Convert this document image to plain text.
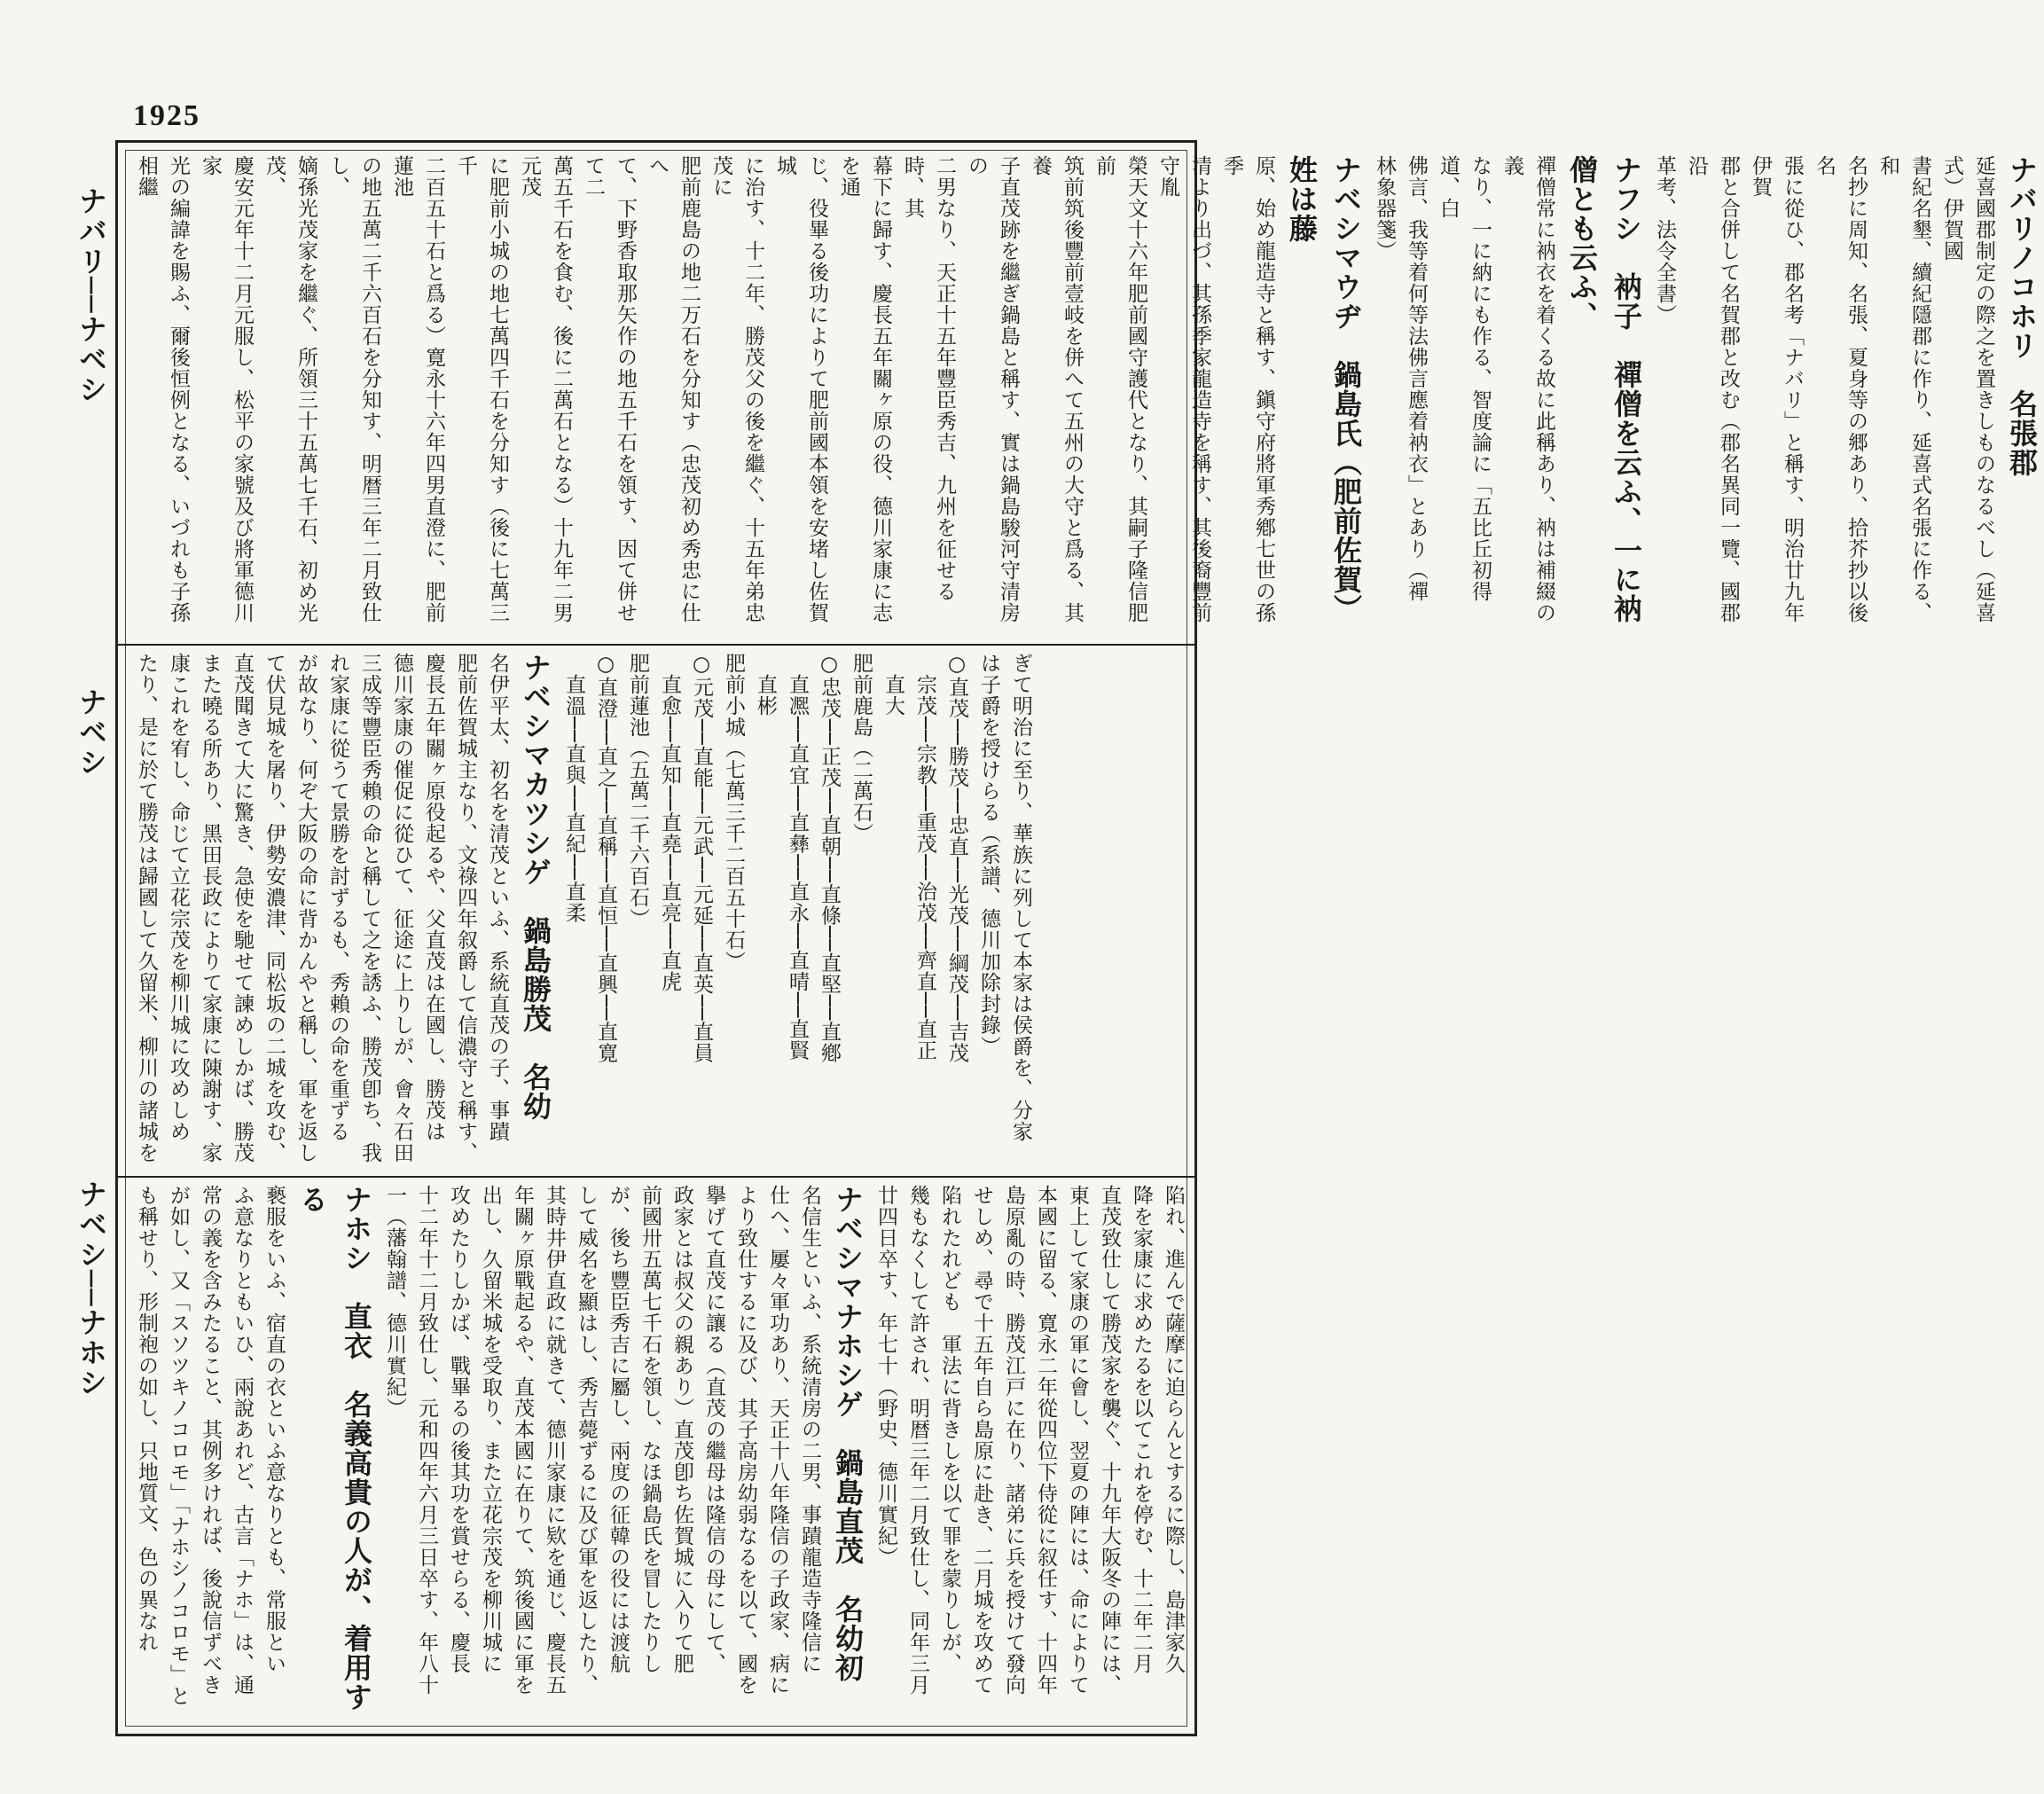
1925
ナバリ──ナベシ
ナベシ
ナベシ──ナホシ
ナバリノコホリ　名張郡
延喜國郡制定の際之を置きしものなるべし（延喜式）伊賀國
書紀名墾、續紀隱郡に作り、延喜式名張に作る、和
名抄に周知、名張、夏身等の郷あり、拾芥抄以後名
張に從ひ、郡名考「ナバリ」と稱す、明治廿九年伊賀
郡と合併して名賀郡と改む（郡名異同一覽、國郡沿
革考、法令全書）
ナフシ　衲子　禪僧を云ふ、一に衲僧とも云ふ、
禪僧常に衲衣を着くる故に此稱あり、衲は補綴の義
なり、一に納にも作る、智度論に「五比丘初得道、白
佛言、我等着何等法佛言應着衲衣」とあり（禪
林象器箋）
ナベシマウヂ　鍋島氏（肥前佐賀）　姓は藤
原、始め龍造寺と稱す、鎭守府將軍秀鄕七世の孫季
清より出づ、其孫季家龍造寺を稱す、其後裔豐前守胤
榮天文十六年肥前國守護代となり、其嗣子隆信肥前
筑前筑後豐前壹岐を併へて五州の大守と爲る、其養
子直茂跡を繼ぎ鍋島と稱す、實は鍋島駿河守清房の
二男なり、天正十五年豐臣秀吉、九州を征せる時、其
幕下に歸す、慶長五年關ヶ原の役、德川家康に志を通
じ、役畢る後功によりて肥前國本領を安堵し佐賀城
に治す、十二年、勝茂父の後を繼ぐ、十五年弟忠茂に
肥前鹿島の地二万石を分知す（忠茂初め秀忠に仕へ
て、下野香取那矢作の地五千石を領す、因て併せて二
萬五千石を食む、後に二萬石となる）十九年二男元茂
に肥前小城の地七萬四千石を分知す（後に七萬三千
二百五十石と爲る）寛永十六年四男直澄に、肥前蓮池
の地五萬二千六百石を分知す、明暦三年二月致仕し、
嫡孫光茂家を繼ぐ、所領三十五萬七千石、初め光茂、
慶安元年十二月元服し、松平の家號及び將軍德川家
光の編諱を賜ふ、爾後恒例となる、いづれも子孫相繼
ぎて明治に至り、華族に列して本家は侯爵を、分家
は子爵を授けらる（系譜、德川加除封錄）
○直茂──勝茂──忠直──光茂──綱茂──吉茂
　宗茂──宗教──重茂──治茂──齊直──直正
　直大
肥前鹿島（二萬石）
○忠茂──正茂──直朝──直條──直堅──直鄕
　直凞──直宜──直彝──直永──直晴──直賢
　直彬
肥前小城（七萬三千二百五十石）
○元茂──直能──元武──元延──直英──直員
　直愈──直知──直堯──直亮──直虎
肥前蓮池（五萬二千六百石）
○直澄──直之──直稱──直恒──直興──直寛
　直溫──直與──直紀──直柔
ナベシマカツシゲ　鍋島勝茂　名幼
名伊平太、初名を清茂といふ、系統直茂の子、事蹟
肥前佐賀城主なり、文祿四年叙爵して信濃守と稱す、
慶長五年關ヶ原役起るや、父直茂は在國し、勝茂は
德川家康の催促に從ひて、征途に上りしが、會々石田
三成等豐臣秀賴の命と稱して之を誘ふ、勝茂卽ち、我
れ家康に從うて景勝を討ずるも、秀賴の命を重ずる
が故なり、何ぞ大阪の命に背かんやと稱し、軍を返し
て伏見城を屠り、伊勢安濃津、同松坂の二城を攻む、
直茂聞きて大に驚き、急使を馳せて諫めしかば、勝茂
また曉る所あり、黑田長政によりて家康に陳謝す、家
康これを宥し、命じて立花宗茂を柳川城に攻めしめ
たり、是に於て勝茂は歸國して久留米、柳川の諸城を
陷れ、進んで薩摩に迫らんとするに際し、島津家久
降を家康に求めたるを以てこれを停む、十二年二月
直茂致仕して勝茂家を襲ぐ、十九年大阪冬の陣には、
東上して家康の軍に會し、翌夏の陣には、命によりて
本國に留る、寛永二年從四位下侍從に叙任す、十四年
島原亂の時、勝茂江戸に在り、諸弟に兵を授けて發向
せしめ、尋で十五年自ら島原に赴き、二月城を攻めて
陷れたれども　軍法に背きしを以て罪を蒙りしが、
幾もなくして許され、明暦三年二月致仕し、同年三月
廿四日卒す、年七十（野史、德川實紀）
ナベシマナホシゲ　鍋島直茂　名幼初
名信生といふ、系統清房の二男、事蹟龍造寺隆信に
仕へ、屢々軍功あり、天正十八年隆信の子政家、病に
より致仕するに及び、其子高房幼弱なるを以て、國を
擧げて直茂に讓る（直茂の繼母は隆信の母にして、
政家とは叔父の親あり）直茂卽ち佐賀城に入りて肥
前國卅五萬七千石を領し、なほ鍋島氏を冒したりし
が、後ち豐臣秀吉に屬し、兩度の征韓の役には渡航
して威名を顯はし、秀吉薨ずるに及び軍を返したり、
其時井伊直政に就きて、德川家康に欵を通じ、慶長五
年關ヶ原戰起るや、直茂本國に在りて、筑後國に軍を
出し、久留米城を受取り、また立花宗茂を柳川城に
攻めたりしかば、戰畢るの後其功を賞せらる、慶長
十二年十二月致仕し、元和四年六月三日卒す、年八十
一（藩翰譜、德川實紀）
ナホシ　直衣　名義高貴の人が、着用する
褻服をいふ、宿直の衣といふ意なりとも、常服とい
ふ意なりともいひ、兩說あれど、古言「ナホ」は、通
常の義を含みたること、其例多ければ、後說信ずべき
が如し、又「スソツキノコロモ」「ナホシノコロモ」と
も稱せり、形制袍の如し、只地質文、色の異なれ
